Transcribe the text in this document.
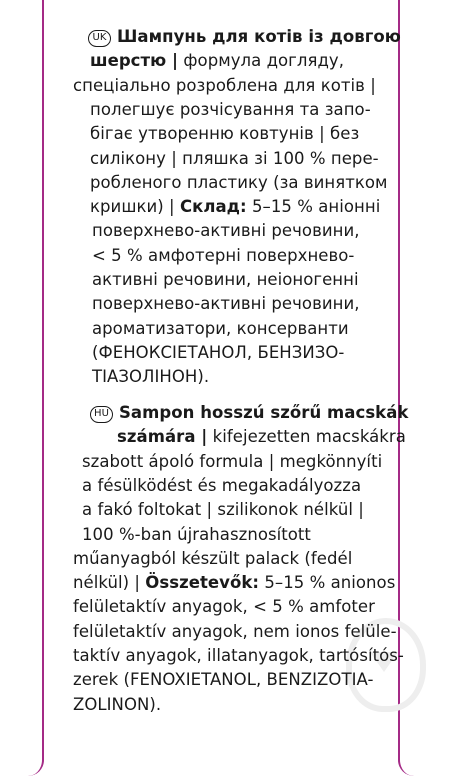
UK Шампунь для котів із довгою
шерстю | формула догляду,
спеціально розроблена для котів |
полегшує розчісування та запо-
бігає утворенню ковтунів | без
силікону | пляшка зі 100 % пере-
робленого пластику (за винятком
кришки) | Склад: 5–15 % аніонні
поверхнево-активні речовини,
< 5 % амфотерні поверхнево-
активні речовини, неіоногенні
поверхнево-активні речовини,
ароматизатори, консерванти
(ФЕНОКСІЕТАНОЛ, БЕНЗИЗО-
ТІАЗОЛІНОН).
HU Sampon hosszú szőrű macskák
számára | kifejezetten macskákra
szabott ápoló formula | megkönnyíti
a fésülködést és megakadályozza
a fakó foltokat | szilikonok nélkül |
100 %-ban újrahasznosított
műanyagból készült palack (fedél
nélkül) | Összetevők: 5–15 % anionos
felületaktív anyagok, < 5 % amfoter
felületaktív anyagok, nem ionos felüle-
taktív anyagok, illatanyagok, tartósítós-
zerek (FENOXIETANOL, BENZIZOTIA-
ZOLINON).
